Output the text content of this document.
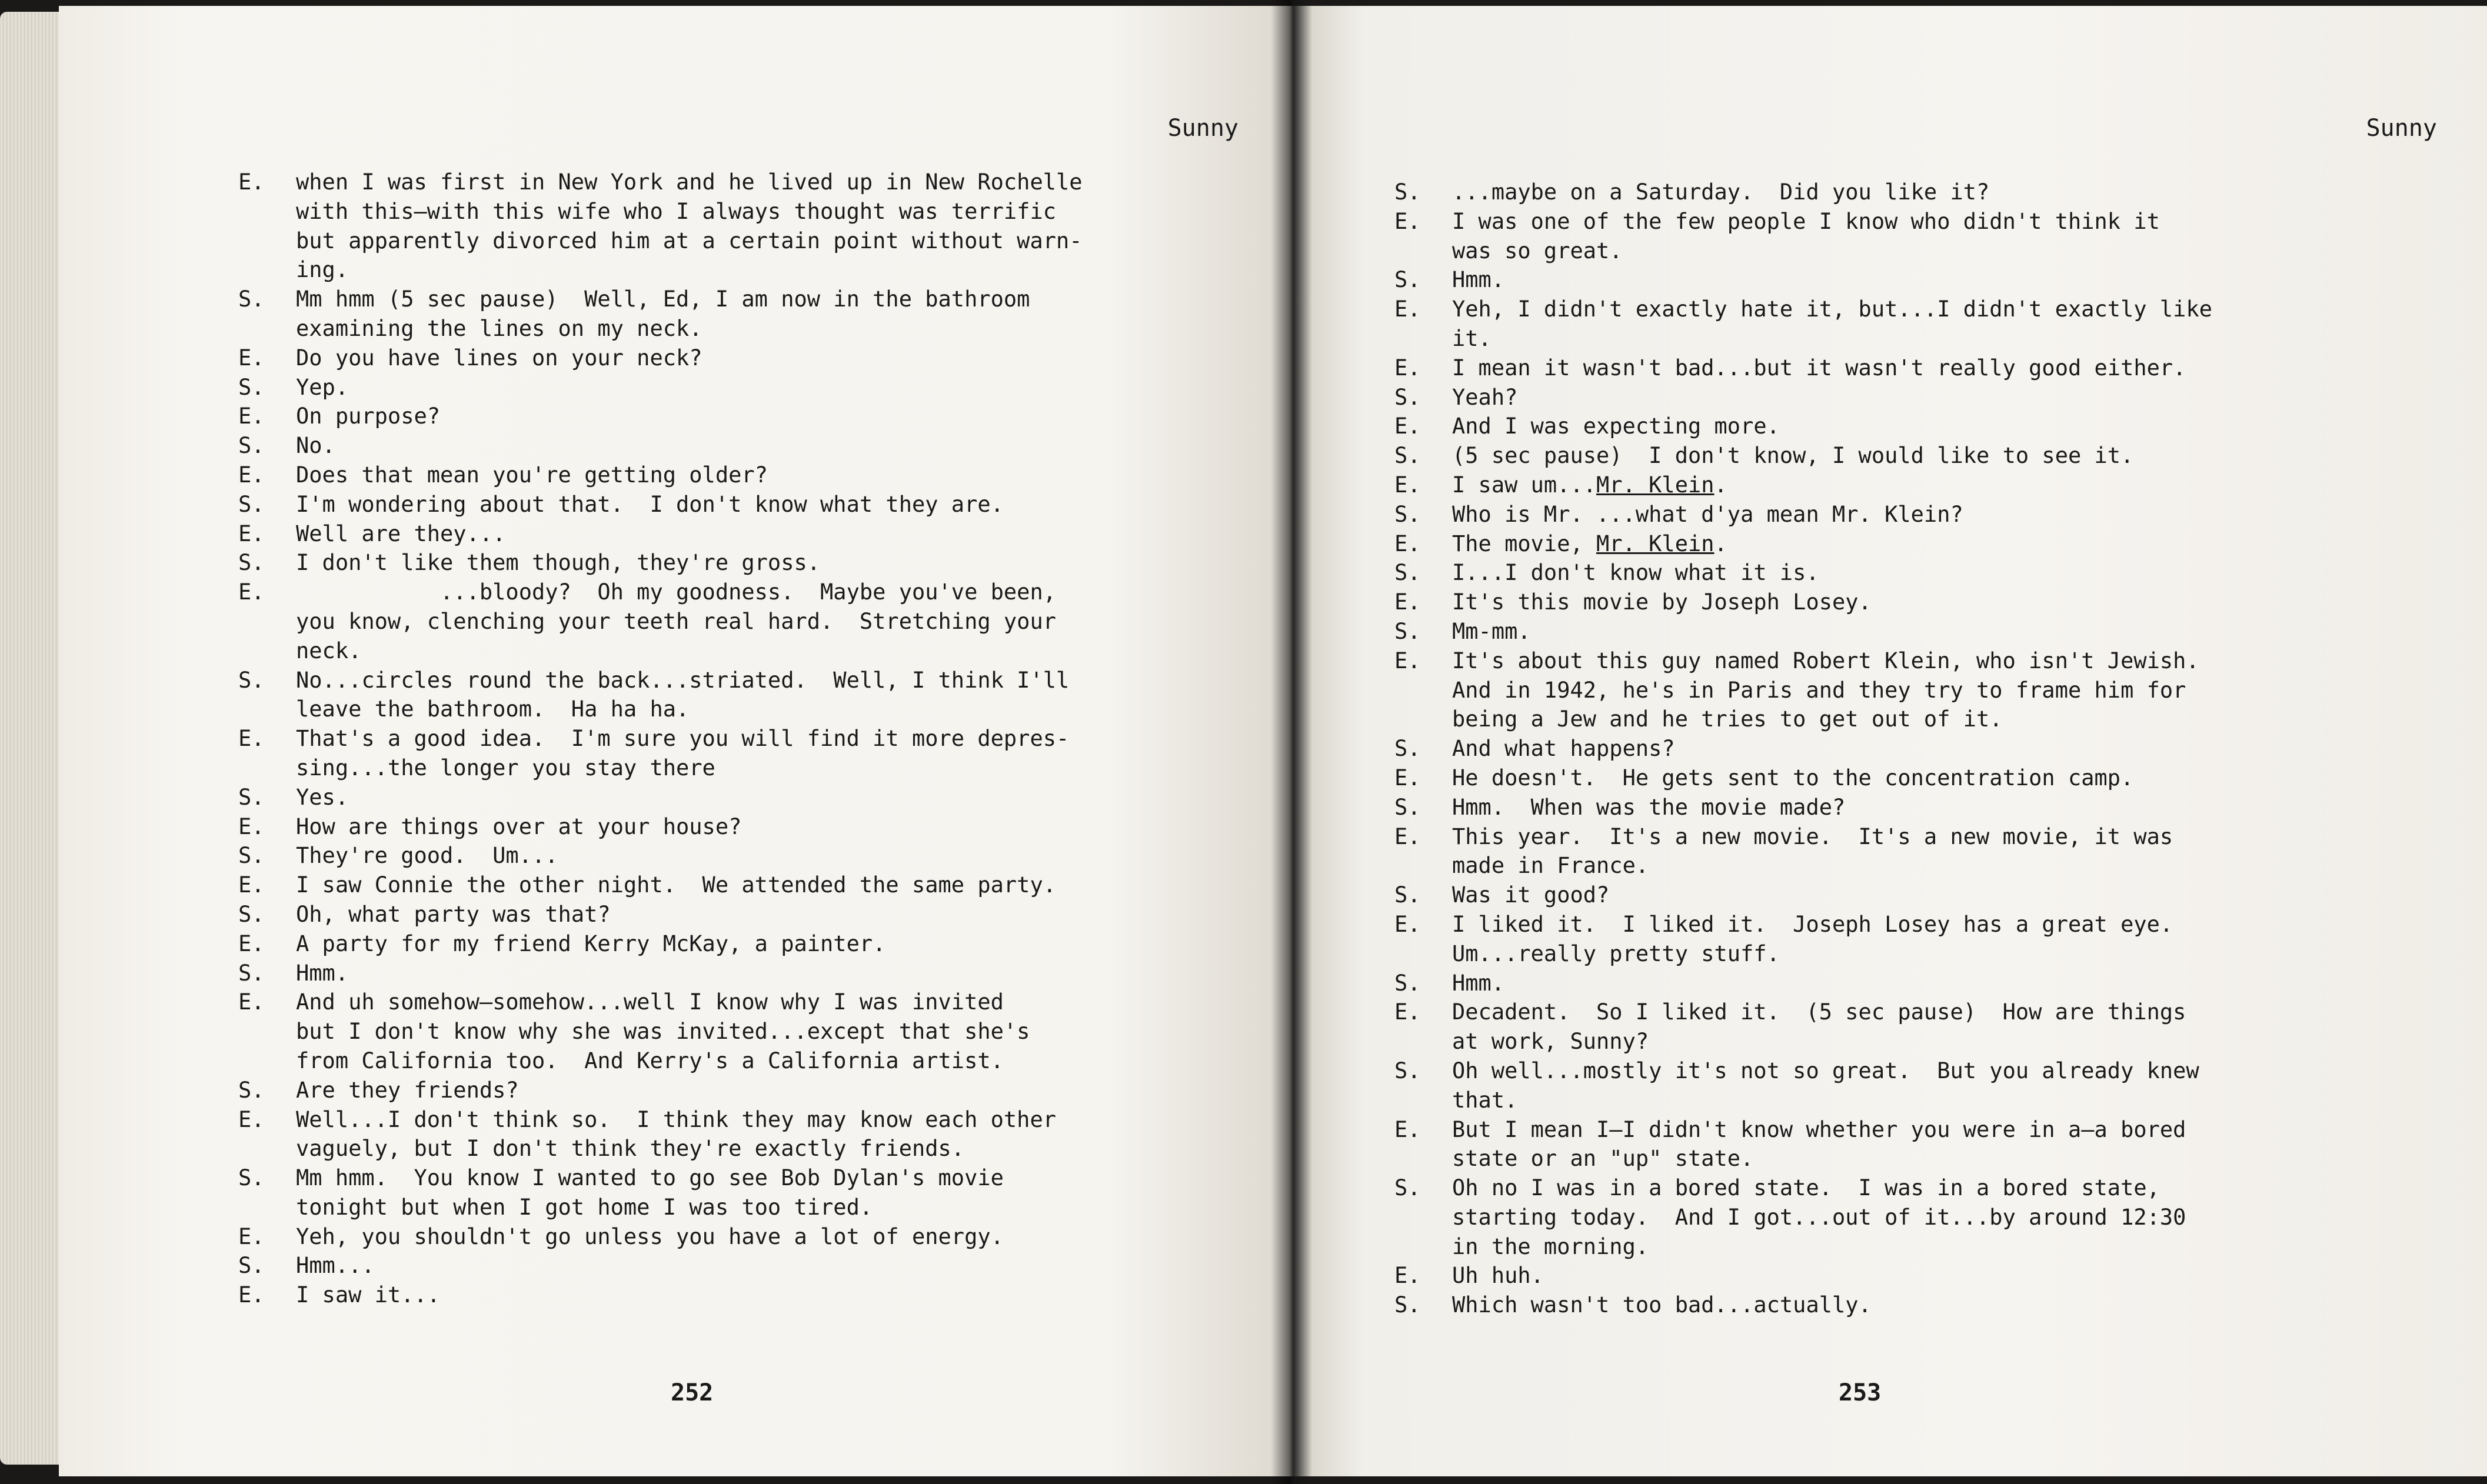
Sunny
E. when I was first in New York and he lived up in New Rochelle
with this—with this wife who I always thought was terrific
but apparently divorced him at a certain point without warn-
ing.
S. Mm hmm (5 sec pause)  Well, Ed, I am now in the bathroom
examining the lines on my neck.
E. Do you have lines on your neck?
S. Yep.
E. On purpose?
S. No.
E. Does that mean you're getting older?
S. I'm wondering about that.  I don't know what they are.
E. Well are they...
S. I don't like them though, they're gross.
E. ...bloody?  Oh my goodness.  Maybe you've been,
you know, clenching your teeth real hard.  Stretching your
neck.
S. No...circles round the back...striated.  Well, I think I'll
leave the bathroom.  Ha ha ha.
E. That's a good idea.  I'm sure you will find it more depres-
sing...the longer you stay there
S. Yes.
E. How are things over at your house?
S. They're good.  Um...
E. I saw Connie the other night.  We attended the same party.
S. Oh, what party was that?
E. A party for my friend Kerry McKay, a painter.
S. Hmm.
E. And uh somehow—somehow...well I know why I was invited
but I don't know why she was invited...except that she's
from California too.  And Kerry's a California artist.
S. Are they friends?
E. Well...I don't think so.  I think they may know each other
vaguely, but I don't think they're exactly friends.
S. Mm hmm.  You know I wanted to go see Bob Dylan's movie
tonight but when I got home I was too tired.
E. Yeh, you shouldn't go unless you have a lot of energy.
S. Hmm...
E. I saw it...
252
Sunny
S. ...maybe on a Saturday.  Did you like it?
E. I was one of the few people I know who didn't think it
was so great.
S. Hmm.
E. Yeh, I didn't exactly hate it, but...I didn't exactly like
it.
E. I mean it wasn't bad...but it wasn't really good either.
S. Yeah?
E. And I was expecting more.
S. (5 sec pause)  I don't know, I would like to see it.
E. I saw um...Mr. Klein.
S. Who is Mr. ...what d'ya mean Mr. Klein?
E. The movie, Mr. Klein.
S. I...I don't know what it is.
E. It's this movie by Joseph Losey.
S. Mm-mm.
E. It's about this guy named Robert Klein, who isn't Jewish.
And in 1942, he's in Paris and they try to frame him for
being a Jew and he tries to get out of it.
S. And what happens?
E. He doesn't.  He gets sent to the concentration camp.
S. Hmm.  When was the movie made?
E. This year.  It's a new movie.  It's a new movie, it was
made in France.
S. Was it good?
E. I liked it.  I liked it.  Joseph Losey has a great eye.
Um...really pretty stuff.
S. Hmm.
E. Decadent.  So I liked it.  (5 sec pause)  How are things
at work, Sunny?
S. Oh well...mostly it's not so great.  But you already knew
that.
E. But I mean I—I didn't know whether you were in a—a bored
state or an "up" state.
S. Oh no I was in a bored state.  I was in a bored state,
starting today.  And I got...out of it...by around 12:30
in the morning.
E. Uh huh.
S. Which wasn't too bad...actually.
253
